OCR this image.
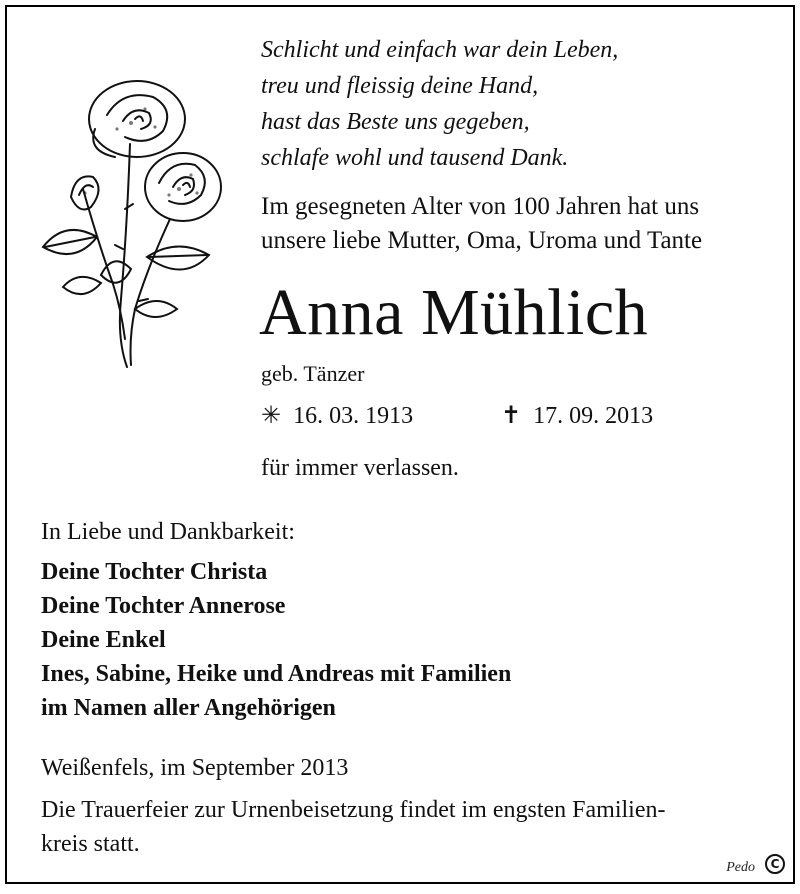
Schlicht und einfach war dein Leben,
treu und fleissig deine Hand,
hast das Beste uns gegeben,
schlafe wohl und tausend Dank.
Im gesegneten Alter von 100 Jahren hat uns
unsere liebe Mutter, Oma, Uroma und Tante
Anna Mühlich
geb. Tänzer
✳ 16. 03. 1913	✝ 17. 09. 2013
für immer verlassen.
In Liebe und Dankbarkeit:
Deine Tochter Christa
Deine Tochter Annerose
Deine Enkel
Ines, Sabine, Heike und Andreas mit Familien
im Namen aller Angehörigen
Weißenfels, im September 2013
Die Trauerfeier zur Urnenbeisetzung findet im engsten Familien-
kreis statt.
Pedo	C
